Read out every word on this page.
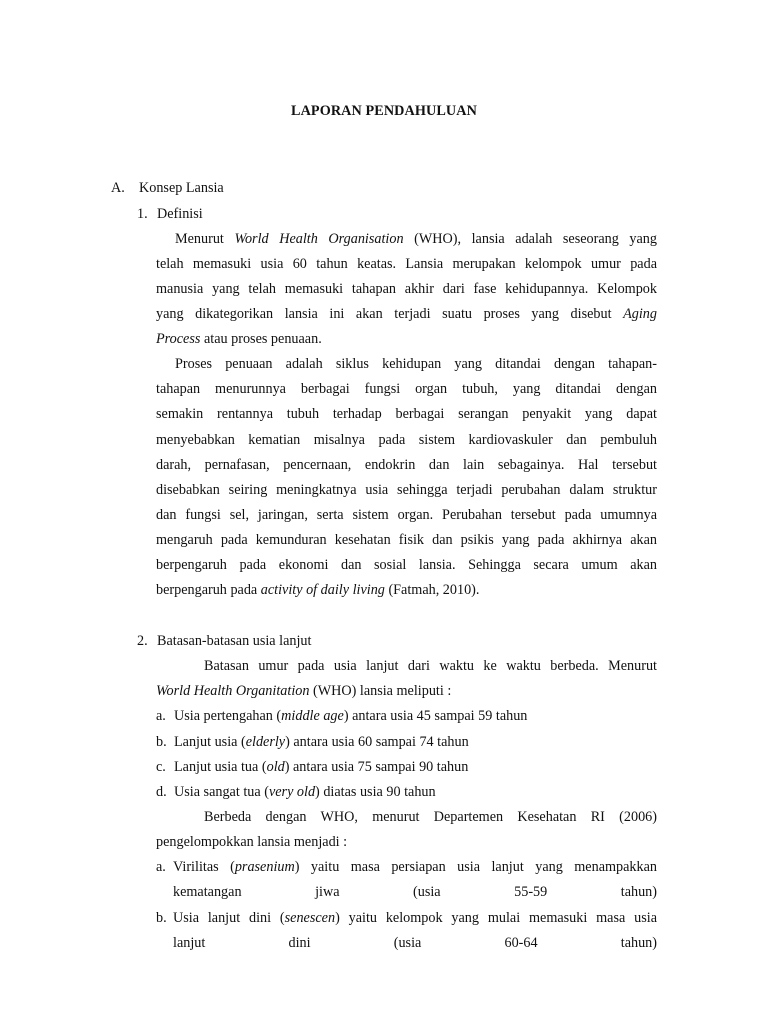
LAPORAN PENDAHULUAN
A. Konsep Lansia
1. Definisi
Menurut World Health Organisation (WHO), lansia adalah seseorang yang
telah memasuki usia 60 tahun keatas. Lansia merupakan kelompok umur pada
manusia yang telah memasuki tahapan akhir dari fase kehidupannya. Kelompok
yang dikategorikan lansia ini akan terjadi suatu proses yang disebut Aging
Process atau proses penuaan.
Proses penuaan adalah siklus kehidupan yang ditandai dengan tahapan-
tahapan menurunnya berbagai fungsi organ tubuh, yang ditandai dengan
semakin rentannya tubuh terhadap berbagai serangan penyakit yang dapat
menyebabkan kematian misalnya pada sistem kardiovaskuler dan pembuluh
darah, pernafasan, pencernaan, endokrin dan lain sebagainya. Hal tersebut
disebabkan seiring meningkatnya usia sehingga terjadi perubahan dalam struktur
dan fungsi sel, jaringan, serta sistem organ. Perubahan tersebut pada umumnya
mengaruh pada kemunduran kesehatan fisik dan psikis yang pada akhirnya akan
berpengaruh pada ekonomi dan sosial lansia. Sehingga secara umum akan
berpengaruh pada activity of daily living (Fatmah, 2010).
2. Batasan-batasan usia lanjut
Batasan umur pada usia lanjut dari waktu ke waktu berbeda. Menurut
World Health Organitation (WHO) lansia meliputi :
a. Usia pertengahan (middle age) antara usia 45 sampai 59 tahun
b. Lanjut usia (elderly) antara usia 60 sampai 74 tahun
c. Lanjut usia tua (old) antara usia 75 sampai 90 tahun
d. Usia sangat tua (very old) diatas usia 90 tahun
Berbeda dengan WHO, menurut Departemen Kesehatan RI (2006)
pengelompokkan lansia menjadi :
a. Virilitas (prasenium) yaitu masa persiapan usia lanjut yang menampakkan
kematangan jiwa (usia 55-59 tahun)
b. Usia lanjut dini (senescen) yaitu kelompok yang mulai memasuki masa usia
lanjut dini (usia 60-64 tahun)
